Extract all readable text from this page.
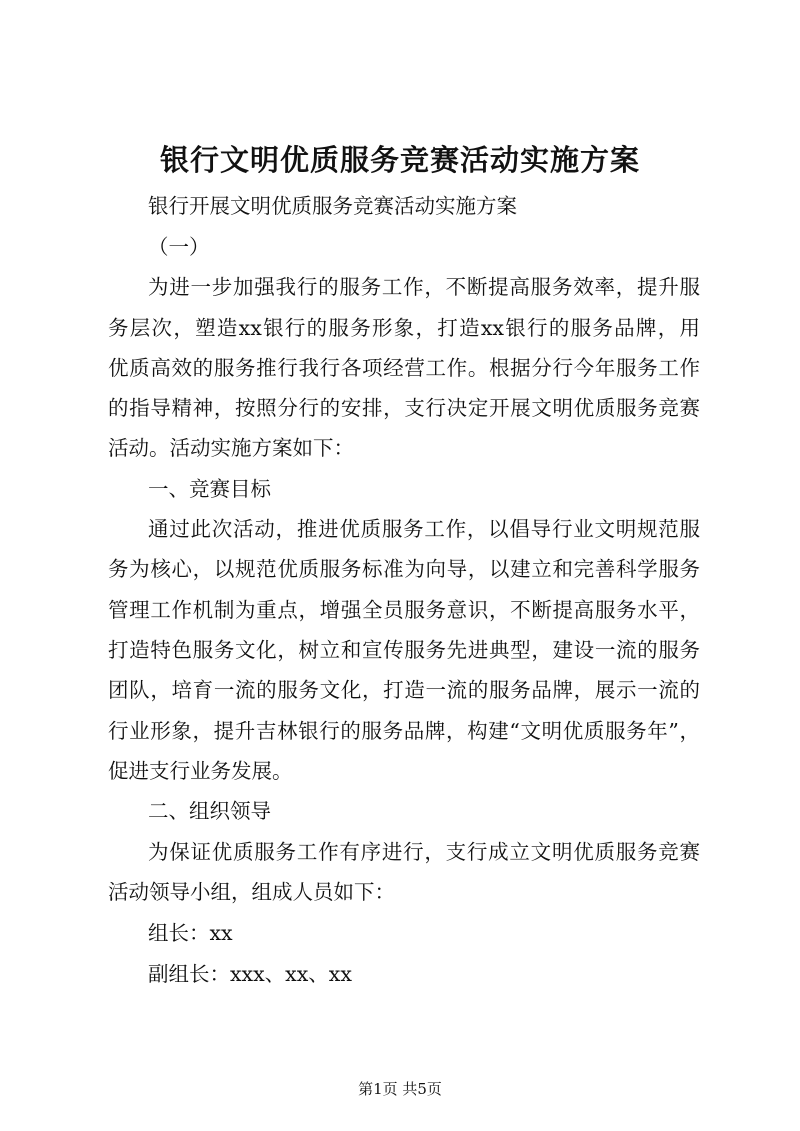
银行文明优质服务竞赛活动实施方案
银行开展文明优质服务竞赛活动实施方案
（一）
为进一步加强我行的服务工作，不断提高服务效率，提升服
务层次，塑造xx银行的服务形象，打造xx银行的服务品牌，用
优质高效的服务推行我行各项经营工作。根据分行今年服务工作
的指导精神，按照分行的安排，支行决定开展文明优质服务竞赛
活动。活动实施方案如下：
一、竞赛目标
通过此次活动，推进优质服务工作，以倡导行业文明规范服
务为核心，以规范优质服务标准为向导，以建立和完善科学服务
管理工作机制为重点，增强全员服务意识，不断提高服务水平，
打造特色服务文化，树立和宣传服务先进典型，建设一流的服务
团队，培育一流的服务文化，打造一流的服务品牌，展示一流的
行业形象，提升吉林银行的服务品牌，构建“文明优质服务年”，
促进支行业务发展。
二、组织领导
为保证优质服务工作有序进行，支行成立文明优质服务竞赛
活动领导小组，组成人员如下：
组长：xx
副组长：xxx、xx、xx
第1页 共5页
